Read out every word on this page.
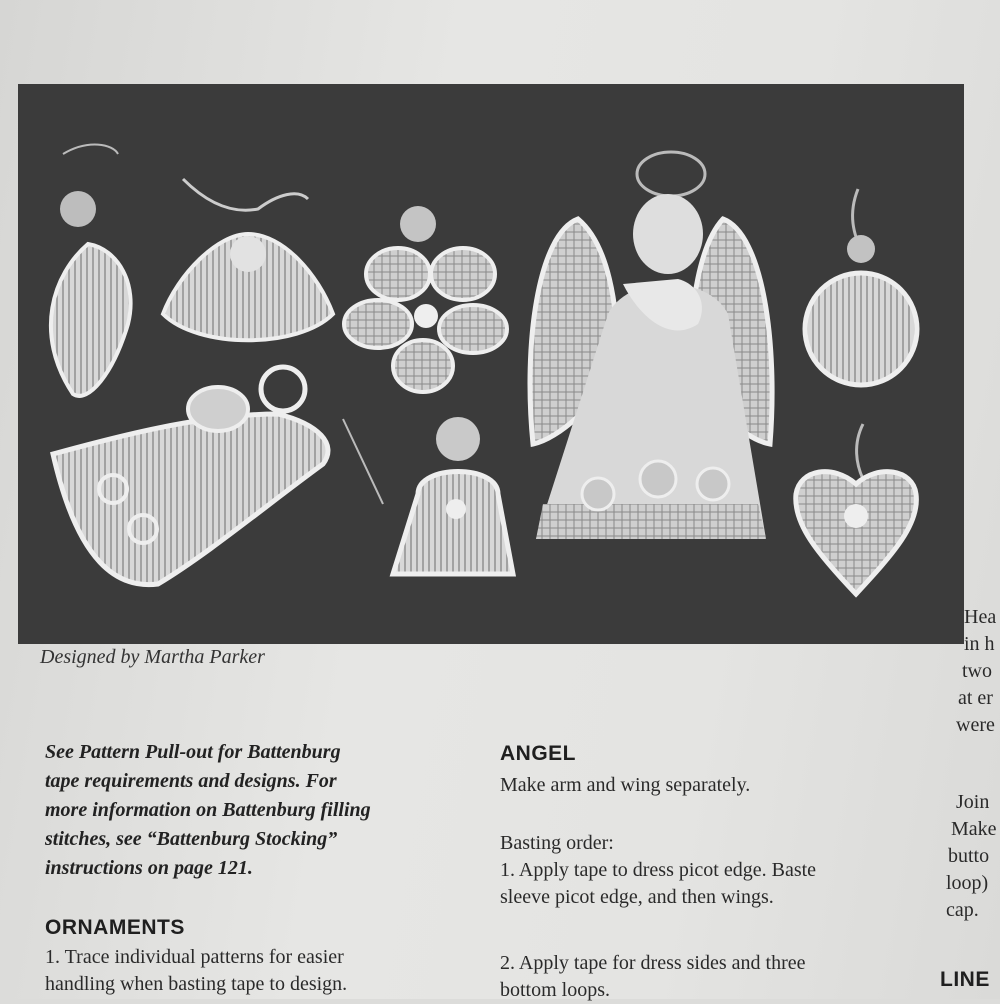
Designed by Martha Parker
See Pattern Pull-out for Battenburg
tape requirements and designs. For
more information on Battenburg filling
stitches, see “Battenburg Stocking”
instructions on page 121.
ORNAMENTS
1. Trace individual patterns for easier
handling when basting tape to design.
ANGEL
Make arm and wing separately.
Basting order:
1. Apply tape to dress picot edge. Baste
sleeve picot edge, and then wings.
2. Apply tape for dress sides and three
bottom loops.
Hea
in h
two
at er
were
Join
Make
butto
loop)
cap.
LINE
